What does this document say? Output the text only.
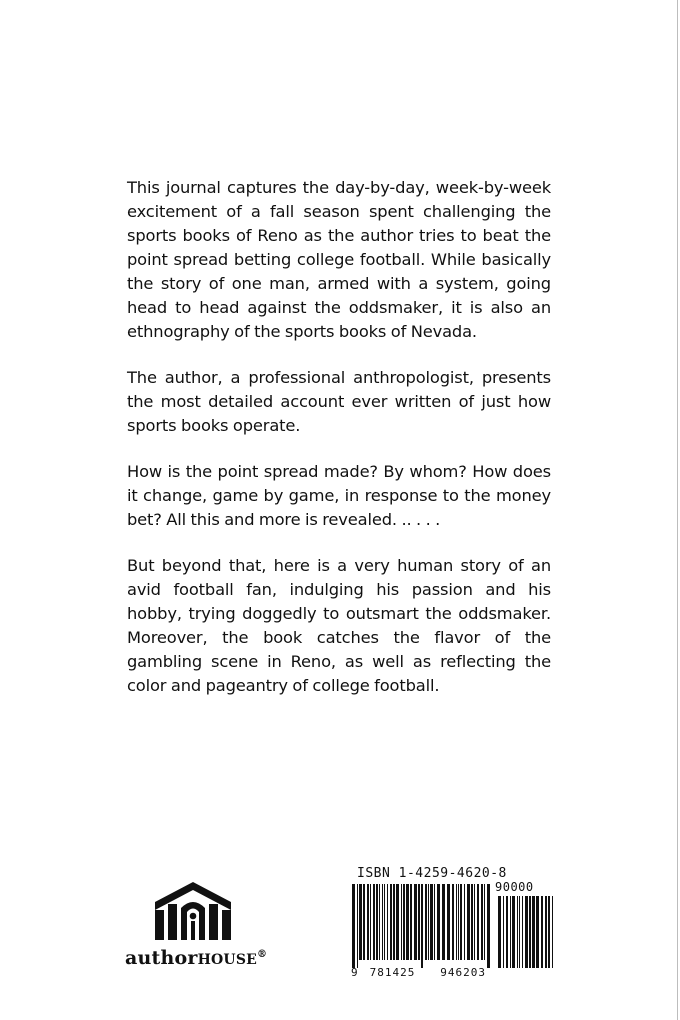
This journal captures the day-by-day, week-by-week excitement of a fall season spent challenging the sports books of Reno as the author tries to beat the point spread betting college football. While basically the story of one man, armed with a system, going head to head against the oddsmaker, it is also an ethnography of the sports books of Nevada.

The author, a professional anthropologist, presents the most detailed account ever written of just how sports books operate.

How is the point spread made? By whom? How does it change, game by game, in response to the money bet? All this and more is revealed. .. . . .

But beyond that, here is a very human story of an avid football fan, indulging his passion and his hobby, trying doggedly to outsmart the oddsmaker. Moreover, the book catches the flavor of the gambling scene in Reno, as well as reflecting the color and pageantry of college football.

authorHOUSE®
ISBN 1-4259-4620-8
90000
9 781425 946203
